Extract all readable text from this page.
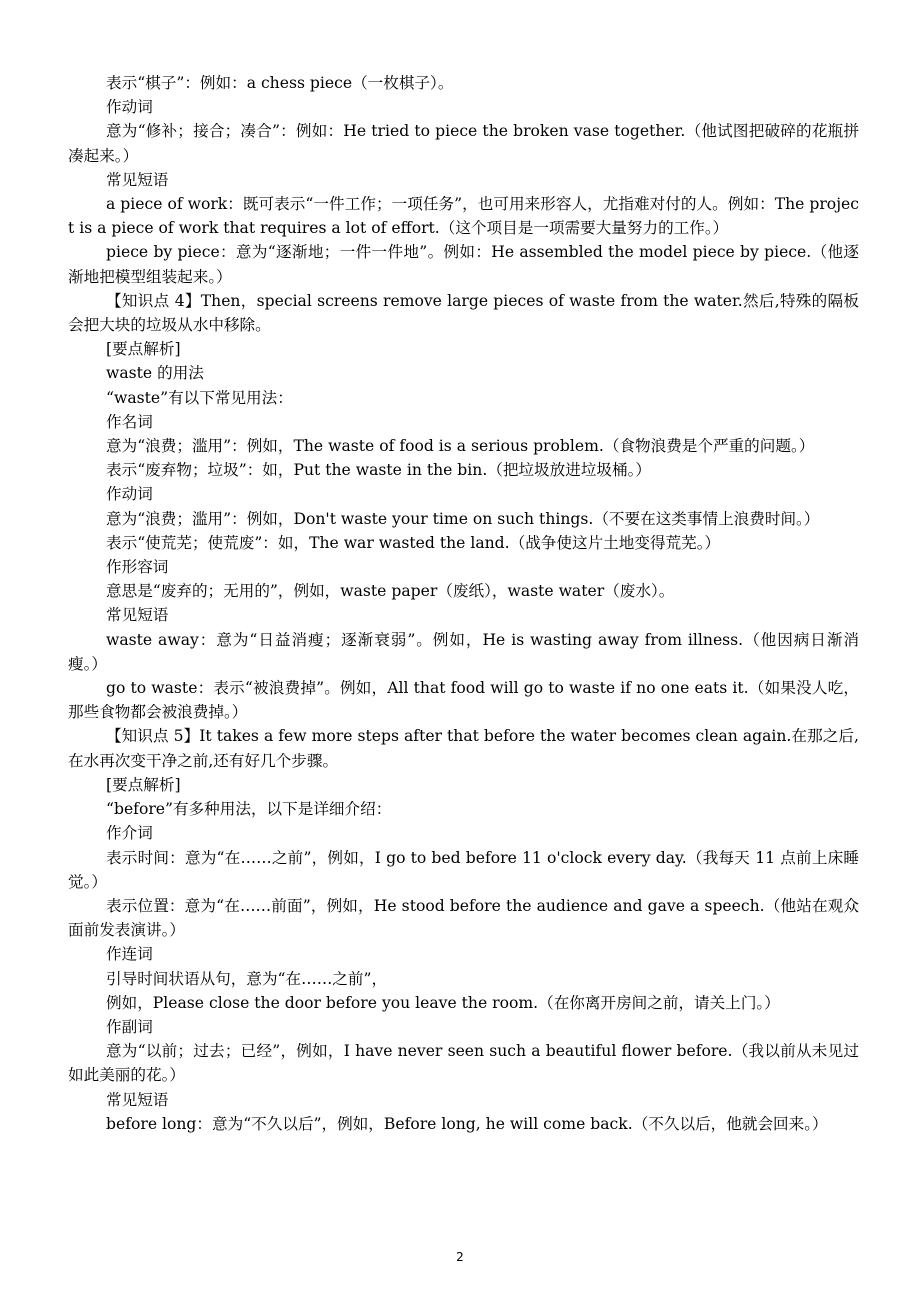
表示“棋子”：例如：a chess piece（一枚棋子）。

作动词

意为“修补；接合；凑合”：例如：He tried to piece the broken vase together.（他试图把破碎的花瓶拼凑起来。）

常见短语

a piece of work：既可表示“一件工作；一项任务”，也可用来形容人，尤指难对付的人。例如：The project is a piece of work that requires a lot of effort.（这个项目是一项需要大量努力的工作。）

piece by piece：意为“逐渐地；一件一件地”。例如：He assembled the model piece by piece.（他逐渐地把模型组装起来。）

【知识点 4】Then，special screens remove large pieces of waste from the water.然后,特殊的隔板会把大块的垃圾从水中移除。

[要点解析]

waste 的用法

“waste”有以下常见用法：

作名词

意为“浪费；滥用”：例如，The waste of food is a serious problem.（食物浪费是个严重的问题。）

表示“废弃物；垃圾”：如，Put the waste in the bin.（把垃圾放进垃圾桶。）

作动词

意为“浪费；滥用”：例如，Don't waste your time on such things.（不要在这类事情上浪费时间。）

表示“使荒芜；使荒废”：如，The war wasted the land.（战争使这片土地变得荒芜。）

作形容词

意思是“废弃的；无用的”，例如，waste paper（废纸），waste water（废水）。

常见短语

waste away：意为“日益消瘦；逐渐衰弱”。例如，He is wasting away from illness.（他因病日渐消瘦。）

go to waste：表示“被浪费掉”。例如，All that food will go to waste if no one eats it.（如果没人吃，那些食物都会被浪费掉。）

【知识点 5】It takes a few more steps after that before the water becomes clean again.在那之后,在水再次变干净之前,还有好几个步骤。

[要点解析]

“before”有多种用法，以下是详细介绍：

作介词

表示时间：意为“在……之前”，例如，I go to bed before 11 o'clock every day.（我每天 11 点前上床睡觉。）

表示位置：意为“在……前面”，例如，He stood before the audience and gave a speech.（他站在观众面前发表演讲。）

作连词

引导时间状语从句，意为“在……之前”，

例如，Please close the door before you leave the room.（在你离开房间之前，请关上门。）

作副词

意为“以前；过去；已经”，例如，I have never seen such a beautiful flower before.（我以前从未见过如此美丽的花。）

常见短语

before long：意为“不久以后”，例如，Before long, he will come back.（不久以后，他就会回来。）

2
